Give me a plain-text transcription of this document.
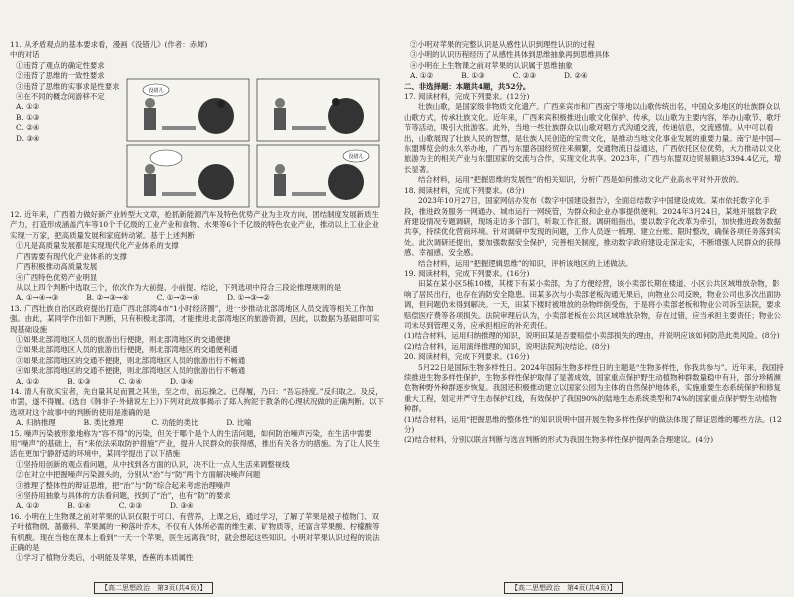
11. 从矛盾观点的基本要求看，漫画《没错儿》(作者：赤犀)

中的对话

①违背了观点的确定性要求

②违背了思维的一致性要求

③违背了思维的实事求是性要求

④在不同的概念间游移不定

A. ①②

B. ①③

C. ②④

D. ③④

没错儿
没错儿

12. 近年来，广西着力做好新产业转型大文章，抢抓新能源汽车及特色优势产业为主攻方向，团结制度发展新质生产力，打造形成涵盖汽车等10个千亿级的工业产业和食物、水果等6个千亿级的特色农业产业，推动以上工业企业实现一万家，把高质量发展和家庭转动紧。基于上述判断

①凡是高质量发展都是实现现代化产业体系的支撑

广西需要有现代化产业体系的支撑

广西积极推动高质量发展

④广西特色优势产业明显

从以上四个判断中选取三个，依次作为大前提、小前提、结论，下列选项中符合三段论推理规则的是

A. ①→④→③	B. ②→③→④	C. ①→②→④	D. ①→③→②

13. 广西壮族自治区政府提出打造广西北部湾4市“1小时经济圈”，进一步推动北部湾地区人员交流等相关工作加强。由此，某同学作出如下判断，只有积极北部湾，才能推进北部湾地区的旅游资源，因此，以数据为基础即可实现基础设施

①如果北部湾地区人员的旅游出行便捷，则北部湾地区的交通便捷

②如果北部湾地区人员的旅游出行便捷，则北部湾地区的交通便利通

③如果北部湾地区的交通不便捷，则北部湾地区人员的旅游出行不畅通

④如果北部湾地区的交通不便捷，则北部湾地区人员的旅游出行不畅通

A. ①②	B. ①③	C. ②④	D. ③④

14. 清人有欲买宝者，先自量其足而置之其坐，至之市，而忘操之。已得履，乃曰：“吾忘持度。”反归取之。及反，市罢，遂不得履。(选自《韩非子·外储说左上》)下列对此故事揭示了郑人拘泥于教条的心理状况做的正确判断。以下选项对这个故事中的判断的使用是准确的是

A. 归纳推理	B. 类比推理	C. 功能的类比	D. 比喻

15. 噪声污染被形象地称为“容不得”的污染，但关于哪个是个人的生活问题，如何防治噪声污染，在生活中需要用“噪声”的基础上，有“来依法采取防护措施”产业，提升人民群众的获得感，推出有关各方的措施。为了让人民生活在更加宁静舒适的环境中，某同学提出了以下措施

①坚持用创新的观点看问题，从中找到各方面的认识，决不让一点人生活来调整视线

②在对立中把握噪声污染源头的，分别从“治”与“防”两个方面解决噪声问题

③推理了整体性的辩证思维，把“治”与“防”综合起来考虑治理噪声

④坚持用抽象与具体的方法看问题，找到了“治”，也有“防”的要求

A. ①②	B. ①④	C. ②③	D. ③④

16. 小明在上生物课之前对苹果的认识仅限于可口、有营养，上课之后，通过学习，了解了苹果是被子植物门、双子叶植物纲、蔷薇科、苹果属的一种落叶乔木，不仅有人体所必需的维生素、矿物质等，还富含苹果酸、柠檬酸等有机酸。现在当他在课本上看到“一天一个苹果，医生远离我”时，就会想起这些知识。小明对苹果认识过程的说法正确的是

①学习了植物分类后，小明能及苹果，香蕉的本质属性

②小明对苹果的完整认识是从感性认识到理性认识的过程

③小明的认识历程经历了从感性具体到思维抽象再到思维具体

④小明在上生物课之前对苹果的认识属于思维抽象

A. ①②	B. ①③	C. ②③	D. ②④

二、非选择题：本题共4题，共52分。

17. 阅读材料，完成下列要求。(12分)

壮族山歌，是国家级非物质文化遗产。广西来宾市和广西南宁等地以山歌传统出名，中国众多地区的壮族群众以山歌方式，传承壮族文化。近年来，广西来宾积极推进山歌文化保护、传承，以山歌为主要内容，举办山歌节、歌圩节等活动，吸引大批游客。此外，当地一些壮族群众以山歌对唱方式沟通交流，传递信息，交流感情。从中可以看出，山歌展现了壮族人民的智慧，是壮族人民创造的宝贵文化，是推动当地文化事业发展的重要力量。南宁是中国—东盟博览会的永久举办地，广西与东盟各国经贸往来频繁，交通物流日益通达，广西依托区位优势，大力推动以文化旅游为主的相关产业与东盟国家的交流与合作，实现文化共享。2023年，广西与东盟双边贸易额达3394.4亿元，增长显著。

结合材料，运用“把握思维的发展性”的相关知识，分析广西是如何推动文化产业高水平对外开放的。

18. 阅读材料，完成下列要求。(8分)

2023年10月27日，国家网信办发布《数字中国建设报告》，全面总结数字中国建设成效。某市依托数字化手段，推进政务服务一网通办、城市运行一网统管，为群众和企业办事提供便利。2024年3月24日，某地开展数字政府建设情况专题调研，现场走访多个部门，听取工作汇报。调研组指出，要以数字化改革为牵引，加快推进政务数据共享，持续优化营商环境。针对调研中发现的问题，工作人员逐一梳理、建立台账、限时整改，确保各项任务落到实处。此次调研还提出，要加强数据安全保护，完善相关制度，推动数字政府建设走深走实，不断增强人民群众的获得感、幸福感、安全感。

结合材料，运用“把握逻辑思维”的知识，评析该地区的上述做法。

19. 阅读材料，完成下列要求。(16分)

田某在某小区5栋10楼，其楼下有某小卖部，为了方便经营，该小卖部长期在楼道、小区公共区域堆放杂物，影响了居民出行，也存在消防安全隐患。田某多次与小卖部老板沟通无果后，向物业公司反映，物业公司也多次出面协调，但问题仍未得到解决。一天，田某下楼时被堆放的杂物绊倒受伤，于是将小卖部老板和物业公司诉至法院，要求赔偿医疗费等各项损失。法院审理后认为，小卖部老板在公共区域堆放杂物，存在过错，应当承担主要责任；物业公司未尽到管理义务，应承担相应的补充责任。

(1)结合材料，运用归纳推理的知识，说明田某是否要赔偿小卖部损失的理由，并说明应该如何防范此类风险。(8分)

(2)结合材料，运用演绎推理的知识，说明法院判决结论。(8分)

20. 阅读材料，完成下列要求。(16分)

5月22日是国际生物多样性日。2024年国际生物多样性日的主题是“生物多样性，你我共参与”。近年来，我国持续推进生物多样性保护，生物多样性保护取得了显著成效，国家重点保护野生动植物种群数量稳中有升，部分珍稀濒危物种野外种群逐步恢复。我国还积极推动建立以国家公园为主体的自然保护地体系，实施重要生态系统保护和修复重大工程，划定并严守生态保护红线，有效保护了我国90%的陆地生态系统类型和74%的国家重点保护野生动植物种群。

(1)结合材料，运用“把握思维的整体性”的知识说明中国开展生物多样性保护的做法体现了辩证思维的哪些方法。(12分)

(2)结合材料，分别以联言判断与选言判断的形式为我国生物多样性保护提两条合理建议。(4分)

【高二思想政治　第3页(共4页)】	【高二思想政治　第4页(共4页)】
